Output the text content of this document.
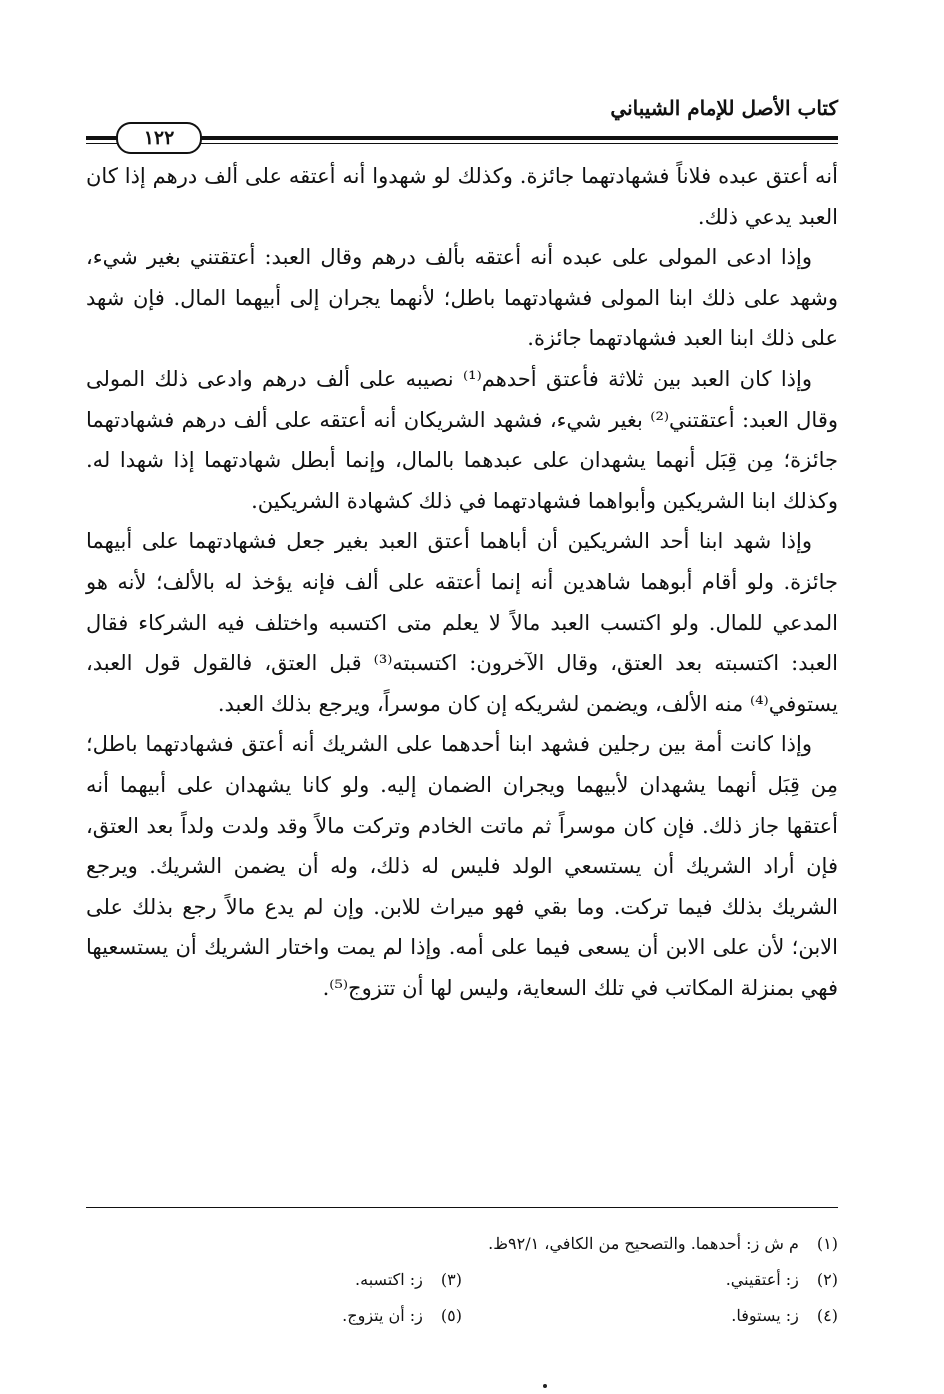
كتاب الأصل للإمام الشيباني
١٢٢

أنه أعتق عبده فلاناً فشهادتهما جائزة. وكذلك لو شهدوا أنه أعتقه على ألف درهم إذا كان العبد يدعي ذلك.

وإذا ادعى المولى على عبده أنه أعتقه بألف درهم وقال العبد: أعتقتني بغير شيء، وشهد على ذلك ابنا المولى فشهادتهما باطل؛ لأنهما يجران إلى أبيهما المال. فإن شهد على ذلك ابنا العبد فشهادتهما جائزة.

وإذا كان العبد بين ثلاثة فأعتق أحدهم⁽¹⁾ نصيبه على ألف درهم وادعى ذلك المولى وقال العبد: أعتقتني⁽²⁾ بغير شيء، فشهد الشريكان أنه أعتقه على ألف درهم فشهادتهما جائزة؛ مِن قِبَل أنهما يشهدان على عبدهما بالمال، وإنما أبطل شهادتهما إذا شهدا له. وكذلك ابنا الشريكين وأبواهما فشهادتهما في ذلك كشهادة الشريكين.

وإذا شهد ابنا أحد الشريكين أن أباهما أعتق العبد بغير جعل فشهادتهما على أبيهما جائزة. ولو أقام أبوهما شاهدين أنه إنما أعتقه على ألف فإنه يؤخذ له بالألف؛ لأنه هو المدعي للمال. ولو اكتسب العبد مالاً لا يعلم متى اكتسبه واختلف فيه الشركاء فقال العبد: اكتسبته بعد العتق، وقال الآخرون: اكتسبته⁽³⁾ قبل العتق، فالقول قول العبد، يستوفي⁽⁴⁾ منه الألف، ويضمن لشريكه إن كان موسراً، ويرجع بذلك العبد.

وإذا كانت أمة بين رجلين فشهد ابنا أحدهما على الشريك أنه أعتق فشهادتهما باطل؛ مِن قِبَل أنهما يشهدان لأبيهما ويجران الضمان إليه. ولو كانا يشهدان على أبيهما أنه أعتقها جاز ذلك. فإن كان موسراً ثم ماتت الخادم وتركت مالاً وقد ولدت ولداً بعد العتق، فإن أراد الشريك أن يستسعي الولد فليس له ذلك، وله أن يضمن الشريك. ويرجع الشريك بذلك فيما تركت. وما بقي فهو ميراث للابن. وإن لم يدع مالاً رجع بذلك على الابن؛ لأن على الابن أن يسعى فيما على أمه. وإذا لم يمت واختار الشريك أن يستسعيها فهي بمنزلة المكاتب في تلك السعاية، وليس لها أن تتزوج⁽⁵⁾.

(١) م ش ز: أحدهما. والتصحيح من الكافي، ٩٢/١ظ.
(٢) ز: أعتقيني.
(٣) ز: اكتسبه.
(٤) ز: يستوفا.
(٥) ز: أن يتزوج.
